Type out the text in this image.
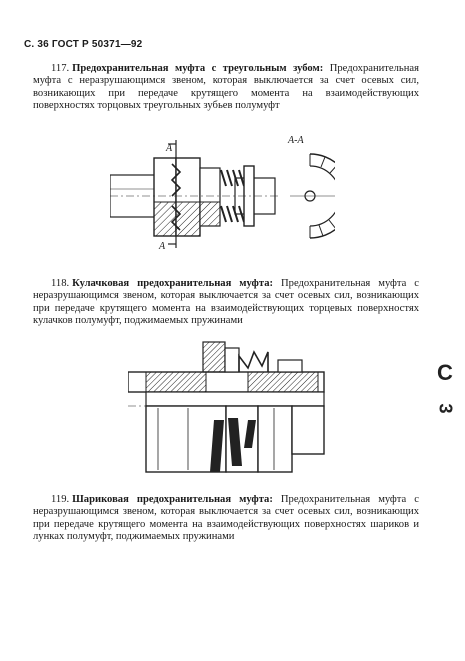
С. 36 ГОСТ Р 50371—92

117. Предохранительная муфта с треугольным зубом: Предохранительная муфта с неразрушающимся звеном, которая выключается за счет осевых сил, возникающих при передаче крутящего момента на взаимодействующих поверхностях торцовых треугольных зубьев полумуфт

А-А
А
А

118. Кулачковая предохранительная муфта: Предохранительная муфта с неразрушающимся звеном, которая выключается за счет осевых сил, возникающих при передаче крутящего момента на взаимодействующих торцевых поверхностях кулачков полумуфт, поджимаемых пружинами

119. Шариковая предохранительная муфта: Предохранительная муфта с неразрушающимся звеном, которая выключается за счет осевых сил, возникающих при передаче крутящего момента на взаимодействующих поверхностях шариков и лунках полумуфт, поджимаемых пружинами

С
3
